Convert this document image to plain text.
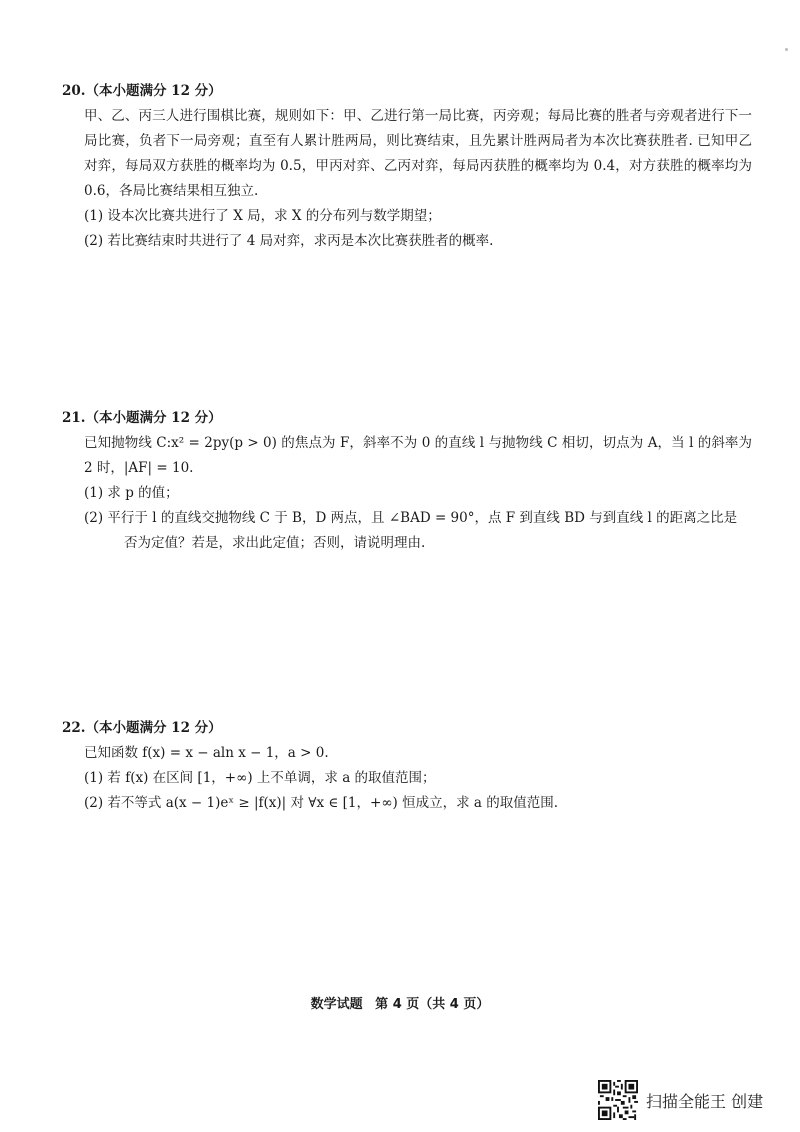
20.（本小题满分 12 分）

甲、乙、丙三人进行围棋比赛，规则如下：甲、乙进行第一局比赛，丙旁观；每局比赛的胜者与旁观者进行下一局比赛，负者下一局旁观；直至有人累计胜两局，则比赛结束，且先累计胜两局者为本次比赛获胜者. 已知甲乙对弈，每局双方获胜的概率均为 0.5，甲丙对弈、乙丙对弈，每局丙获胜的概率均为 0.4，对方获胜的概率均为 0.6，各局比赛结果相互独立.

(1) 设本次比赛共进行了 X 局，求 X 的分布列与数学期望；

(2) 若比赛结束时共进行了 4 局对弈，求丙是本次比赛获胜者的概率.

21.（本小题满分 12 分）

已知抛物线 C:x² = 2py(p > 0) 的焦点为 F，斜率不为 0 的直线 l 与抛物线 C 相切，切点为 A，当 l 的斜率为 2 时，|AF| = 10.

(1) 求 p 的值；

(2) 平行于 l 的直线交抛物线 C 于 B，D 两点，且 ∠BAD = 90°，点 F 到直线 BD 与到直线 l 的距离之比是
否为定值？若是，求出此定值；否则，请说明理由.

22.（本小题满分 12 分）

已知函数 f(x) = x − aln x − 1，a > 0.

(1) 若 f(x) 在区间 [1，+∞) 上不单调，求 a 的取值范围；

(2) 若不等式 a(x − 1)eˣ ≥ |f(x)| 对 ∀x ∈ [1，+∞) 恒成立，求 a 的取值范围.

数学试题 第 4 页（共 4 页）
扫描全能王 创建
